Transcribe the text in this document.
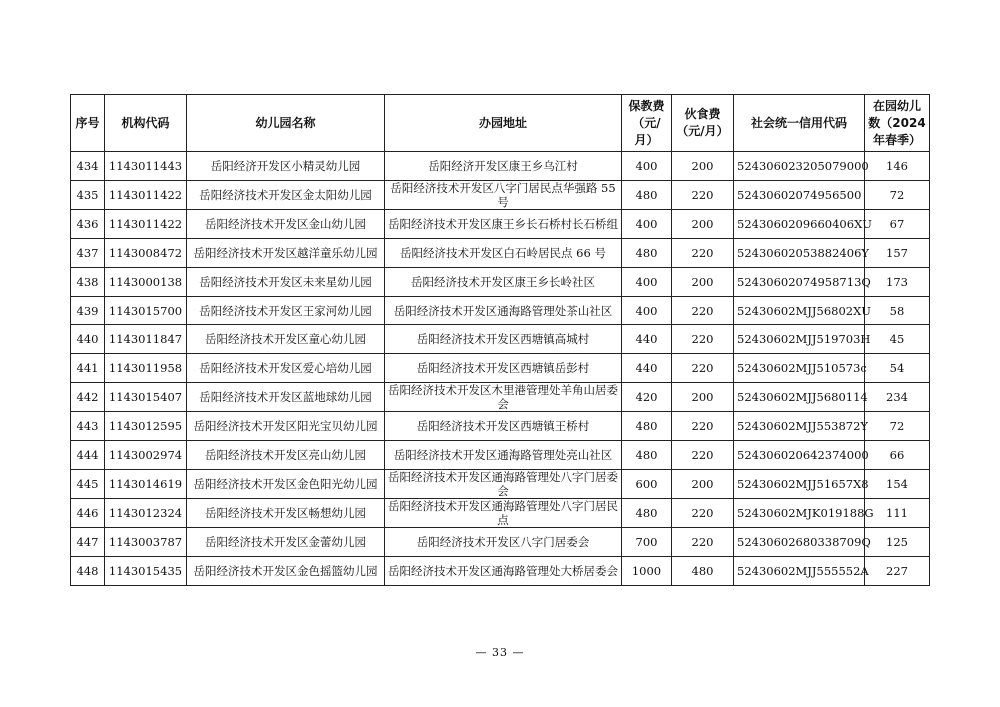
序号	机构代码	幼儿园名称	办园地址	保教费（元/月）	伙食费（元/月）	社会统一信用代码	在园幼儿数（2024年春季）
434	1143011443	岳阳经济开发区小精灵幼儿园	岳阳经济开发区康王乡乌江村	400	200	524306023205079000	146
435	1143011422	岳阳经济技术开发区金太阳幼儿园	岳阳经济技术开发区八字门居民点华强路 55 号	480	220	52430602074956500	72
436	1143011422	岳阳经济技术开发区金山幼儿园	岳阳经济技术开发区康王乡长石桥村长石桥组	400	200	5243060209660406XU	67
437	1143008472	岳阳经济技术开发区越洋童乐幼儿园	岳阳经济技术开发区白石岭居民点 66 号	480	220	52430602053882406Y	157
438	1143000138	岳阳经济技术开发区未来星幼儿园	岳阳经济技术开发区康王乡长岭社区	400	200	52430602074958713Q	173
439	1143015700	岳阳经济技术开发区王家河幼儿园	岳阳经济技术开发区通海路管理处茶山社区	400	220	52430602MJJ56802XU	58
440	1143011847	岳阳经济技术开发区童心幼儿园	岳阳经济技术开发区西塘镇高城村	440	220	52430602MJJ519703H	45
441	1143011958	岳阳经济技术开发区爱心培幼儿园	岳阳经济技术开发区西塘镇岳彭村	440	220	52430602MJJ510573c	54
442	1143015407	岳阳经济技术开发区蓝地球幼儿园	岳阳经济技术开发区木里港管理处羊角山居委会	420	200	52430602MJJ5680114	234
443	1143012595	岳阳经济技术开发区阳光宝贝幼儿园	岳阳经济技术开发区西塘镇王桥村	480	220	52430602MJJ553872Y	72
444	1143002974	岳阳经济技术开发区亮山幼儿园	岳阳经济技术开发区通海路管理处亮山社区	480	220	524306020642374000	66
445	1143014619	岳阳经济技术开发区金色阳光幼儿园	岳阳经济技术开发区通海路管理处八字门居委会	600	200	52430602MJJ51657X8	154
446	1143012324	岳阳经济技术开发区畅想幼儿园	岳阳经济技术开发区通海路管理处八字门居民点	480	220	52430602MJK019188G	111
447	1143003787	岳阳经济技术开发区金蕾幼儿园	岳阳经济技术开发区八字门居委会	700	220	52430602680338709Q	125
448	1143015435	岳阳经济技术开发区金色摇篮幼儿园	岳阳经济技术开发区通海路管理处大桥居委会	1000	480	52430602MJJ555552A	227
— 33 —
